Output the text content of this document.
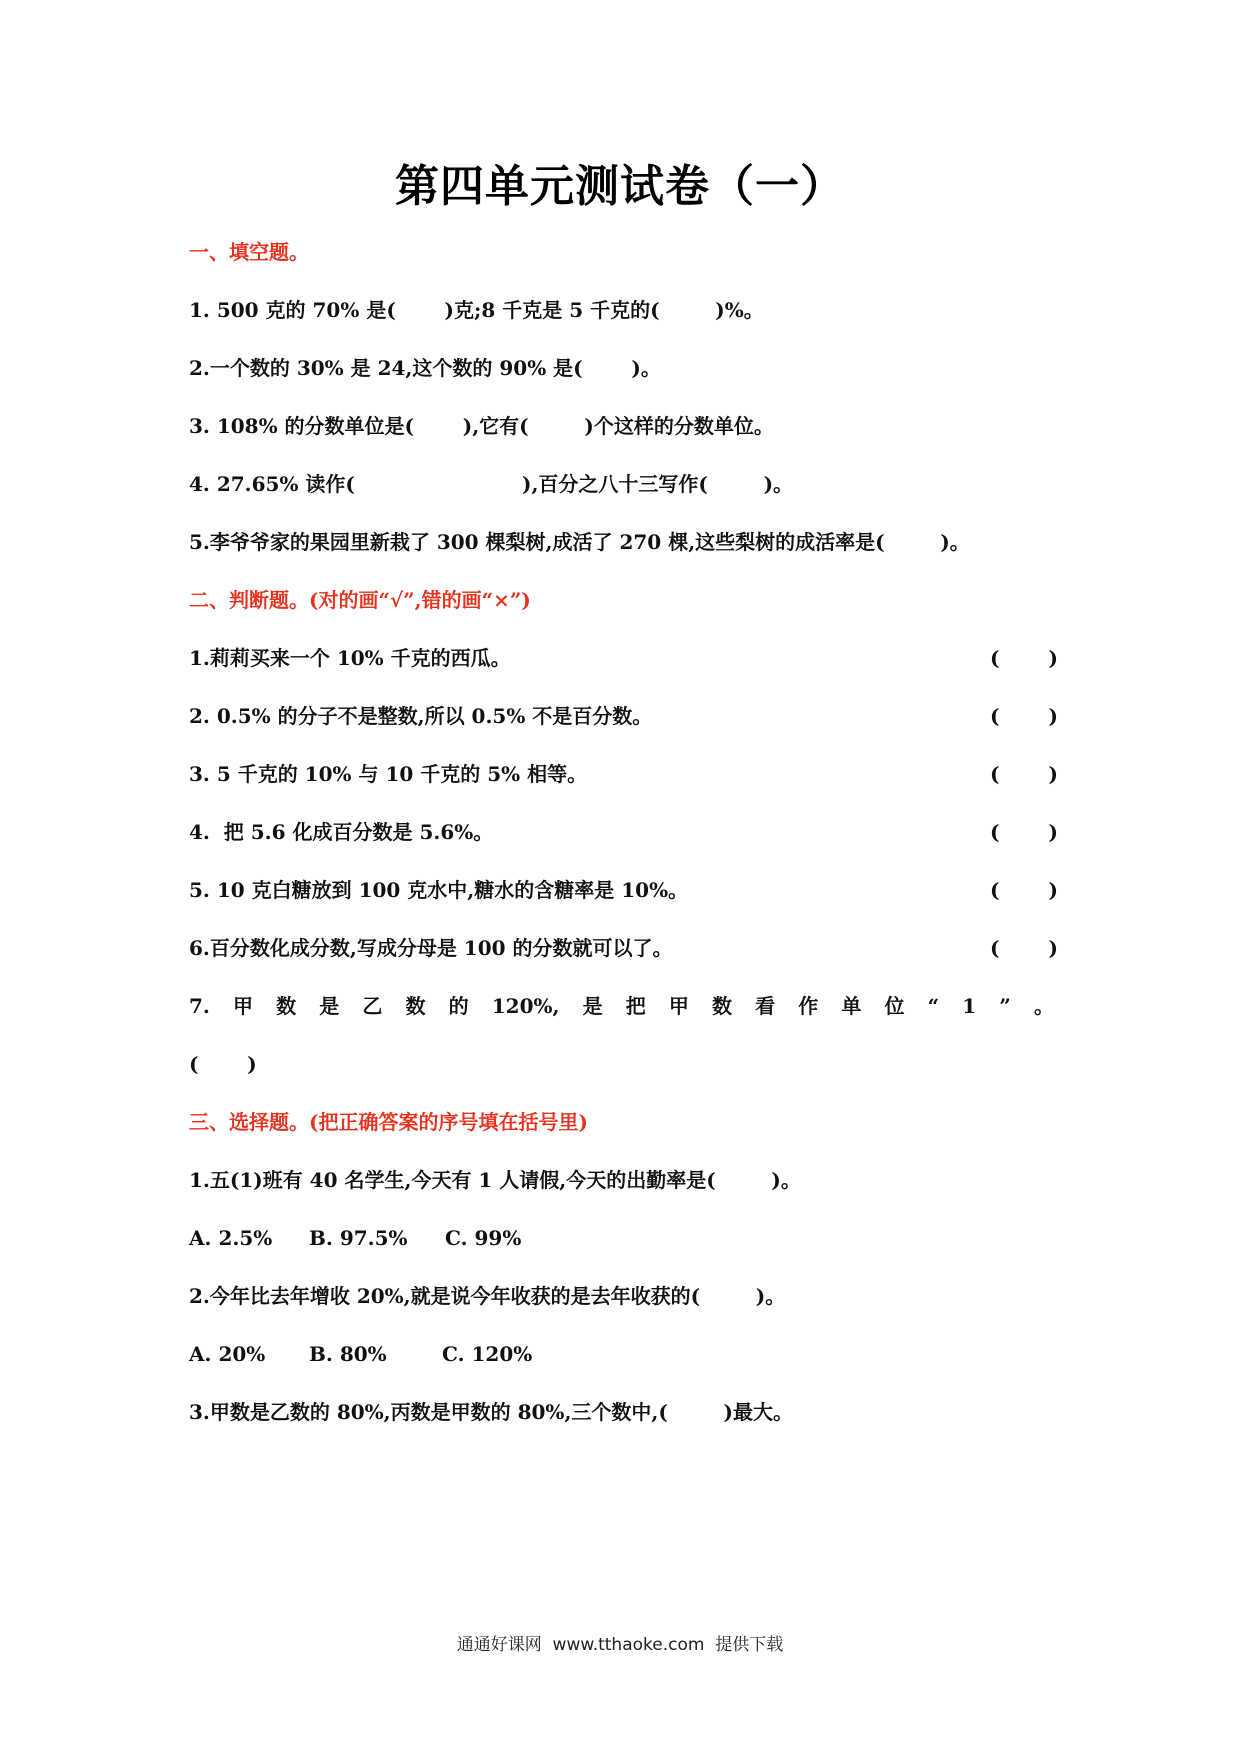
第四单元测试卷（一）
一、填空题。
1. 500 克的 70% 是(       )克;8 千克是 5 千克的(        )%。
2.一个数的 30% 是 24,这个数的 90% 是(       )。
3. 108% 的分数单位是(       ),它有(        )个这样的分数单位。
4. 27.65% 读作(                        ),百分之八十三写作(        )。
5.李爷爷家的果园里新栽了 300 棵梨树,成活了 270 棵,这些梨树的成活率是(        )。
二、判断题。(对的画“√”,错的画“×”)
1.莉莉买来一个 10% 千克的西瓜。	( )
2. 0.5% 的分子不是整数,所以 0.5% 不是百分数。	( )
3. 5 千克的 10% 与 10 千克的 5% 相等。	( )
4.  把 5.6 化成百分数是 5.6%。	( )
5. 10 克白糖放到 100 克水中,糖水的含糖率是 10%。	( )
6.百分数化成分数,写成分母是 100 的分数就可以了。	( )
7. 甲 数 是 乙 数 的 120%, 是 把 甲 数 看 作 单 位 “ 1 ” 。
(       )
三、选择题。(把正确答案的序号填在括号里)
1.五(1)班有 40 名学生,今天有 1 人请假,今天的出勤率是(        )。
A. 2.5%	B. 97.5%	C. 99%
2.今年比去年增收 20%,就是说今年收获的是去年收获的(        )。
A. 20%	B. 80%	C. 120%
3.甲数是乙数的 80%,丙数是甲数的 80%,三个数中,(        )最大。
通通好课网  www.tthaoke.com  提供下载
